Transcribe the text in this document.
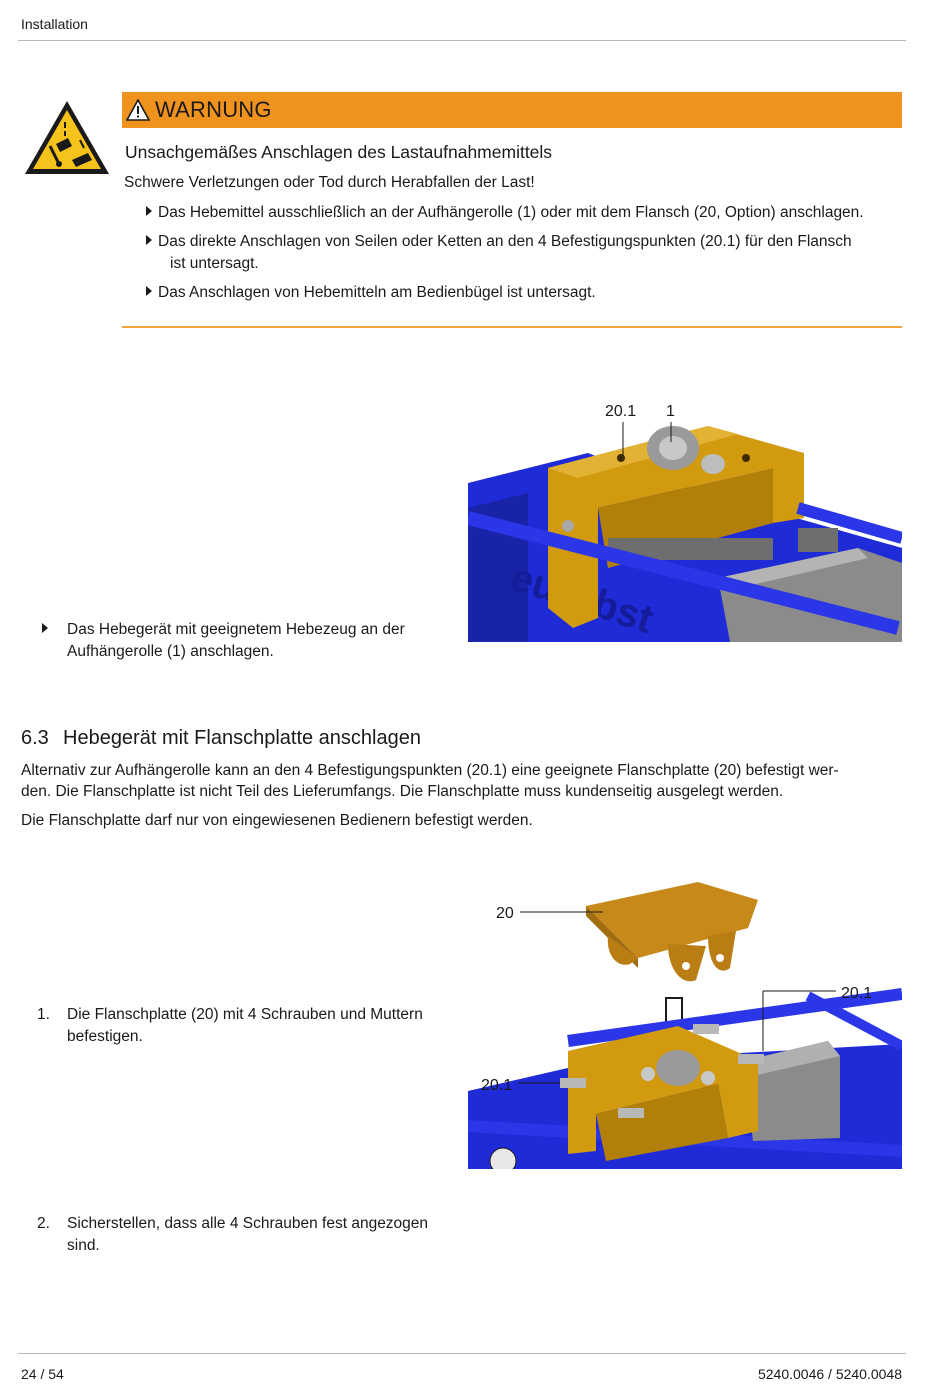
Installation
WARNUNG
Unsachgemäßes Anschlagen des Lastaufnahmemittels
Schwere Verletzungen oder Tod durch Herabfallen der Last!
Das Hebemittel ausschließlich an der Aufhängerolle (1) oder mit dem Flansch (20, Option) anschlagen.
Das direkte Anschlagen von Seilen oder Ketten an den 4 Befestigungspunkten (20.1) für den Flansch
ist untersagt.
Das Anschlagen von Hebemitteln am Bedienbügel ist untersagt.
20.1 1
Das Hebegerät mit geeignetem Hebezeug an der
Aufhängerolle (1) anschlagen.
6.3 Hebegerät mit Flanschplatte anschlagen
Alternativ zur Aufhängerolle kann an den 4 Befestigungspunkten (20.1) eine geeignete Flanschplatte (20) befestigt wer-
den. Die Flanschplatte ist nicht Teil des Lieferumfangs. Die Flanschplatte muss kundenseitig ausgelegt werden.
Die Flanschplatte darf nur von eingewiesenen Bedienern befestigt werden.
20
20.1
20.1
1. Die Flanschplatte (20) mit 4 Schrauben und Muttern
befestigen.
2. Sicherstellen, dass alle 4 Schrauben fest angezogen
sind.
24 / 54	5240.0046 / 5240.0048
